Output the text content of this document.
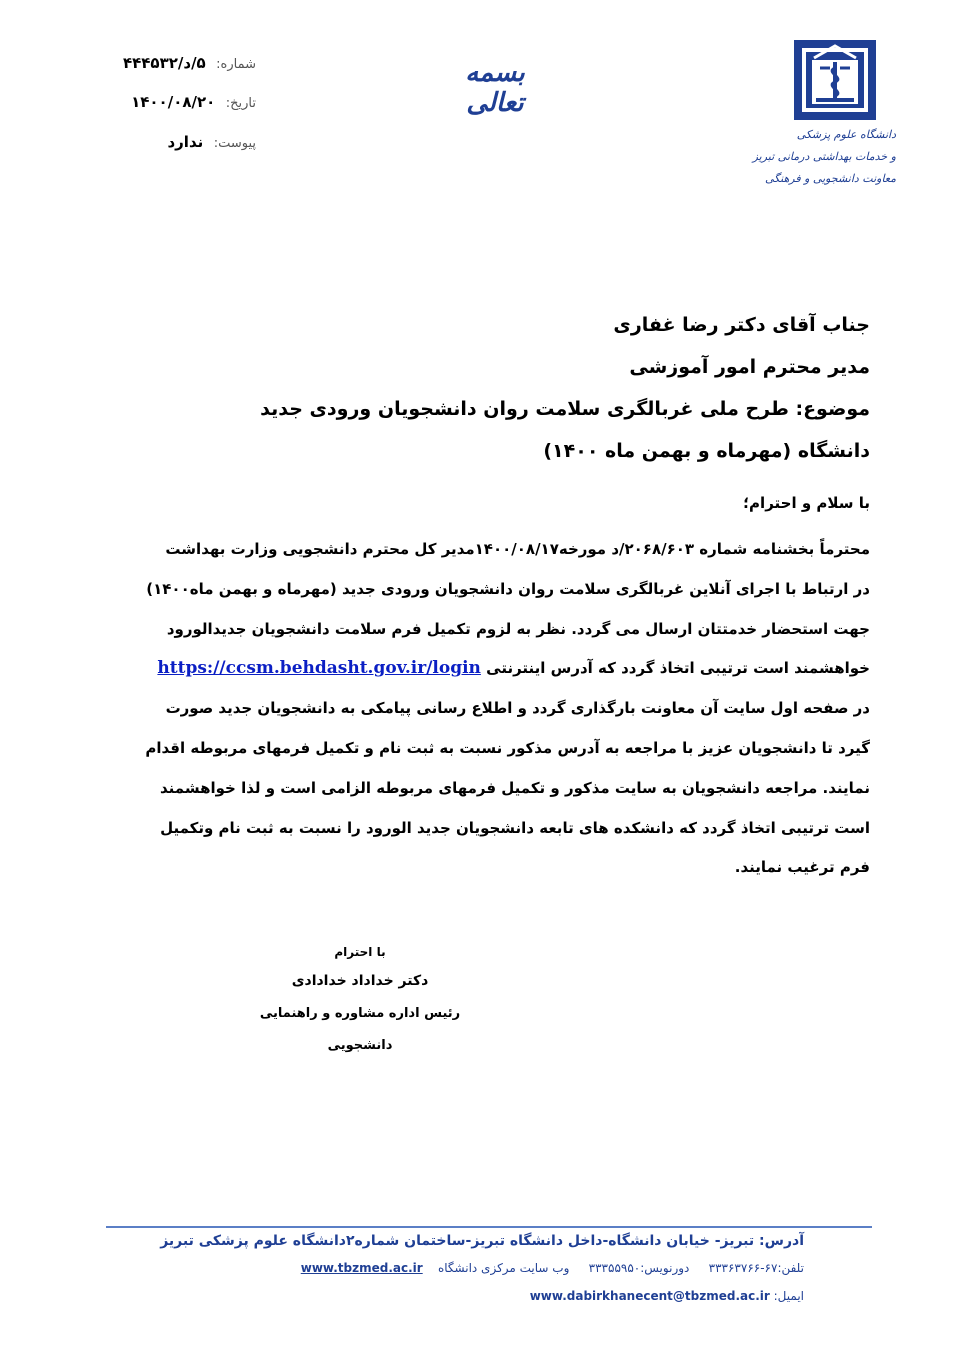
شماره: ۵/د/۴۴۴۵۳۲
تاریخ: ۱۴۰۰/۰۸/۲۰
پیوست: ندارد
بسمه تعالی
دانشگاه علوم پزشکی
و خدمات بهداشتی درمانی تبریز
معاونت دانشجویی و فرهنگی
جناب آقای دکتر رضا غفاری
مدیر محترم امور آموزشی
موضوع: طرح ملی غربالگری سلامت روان دانشجویان ورودی جدید دانشگاه (مهرماه و بهمن ماه ۱۴۰۰)
با سلام و احترام؛
محترماً بخشنامه شماره ۲۰۶۸/۶۰۳/د مورخه۱۴۰۰/۰۸/۱۷مدیر کل محترم دانشجویی وزارت بهداشت
در ارتباط با اجرای آنلاین غربالگری سلامت روان دانشجویان ورودی جدید (مهرماه و بهمن ماه۱۴۰۰)
جهت استحضار خدمتتان ارسال می گردد. نظر به لزوم تکمیل فرم سلامت دانشجویان جدیدالورود
خواهشمند است ترتیبی اتخاذ گردد که آدرس اینترنتی https://ccsm.behdasht.gov.ir/login
در صفحه اول سایت آن معاونت بارگذاری گردد و اطلاع رسانی پیامکی به دانشجویان جدید صورت
گیرد تا دانشجویان عزیز با مراجعه به آدرس مذکور نسبت به ثبت نام و تکمیل فرمهای مربوطه اقدام
نمایند. مراجعه دانشجویان به سایت مذکور و تکمیل فرمهای مربوطه الزامی است و لذا خواهشمند
است ترتیبی اتخاذ گردد که دانشکده های تابعه دانشجویان جدید الورود را نسبت به ثبت نام وتکمیل
فرم ترغیب نمایند.
با احترام
دکتر خداداد خدادادی
رئیس اداره مشاوره و راهنمایی دانشجویی
آدرس: تبریز- خیابان دانشگاه-داخل دانشگاه تبریز-ساختمان شماره۲دانشگاه علوم پزشکی تبریز
تلفن:۶۷-۳۳۳۶۳۷۶۶    دورنویس:۳۳۳۵۵۹۵۰    وب سایت مرکزی دانشگاه    www.tbzmed.ac.ir
ایمیل: www.dabirkhanecent@tbzmed.ac.ir
